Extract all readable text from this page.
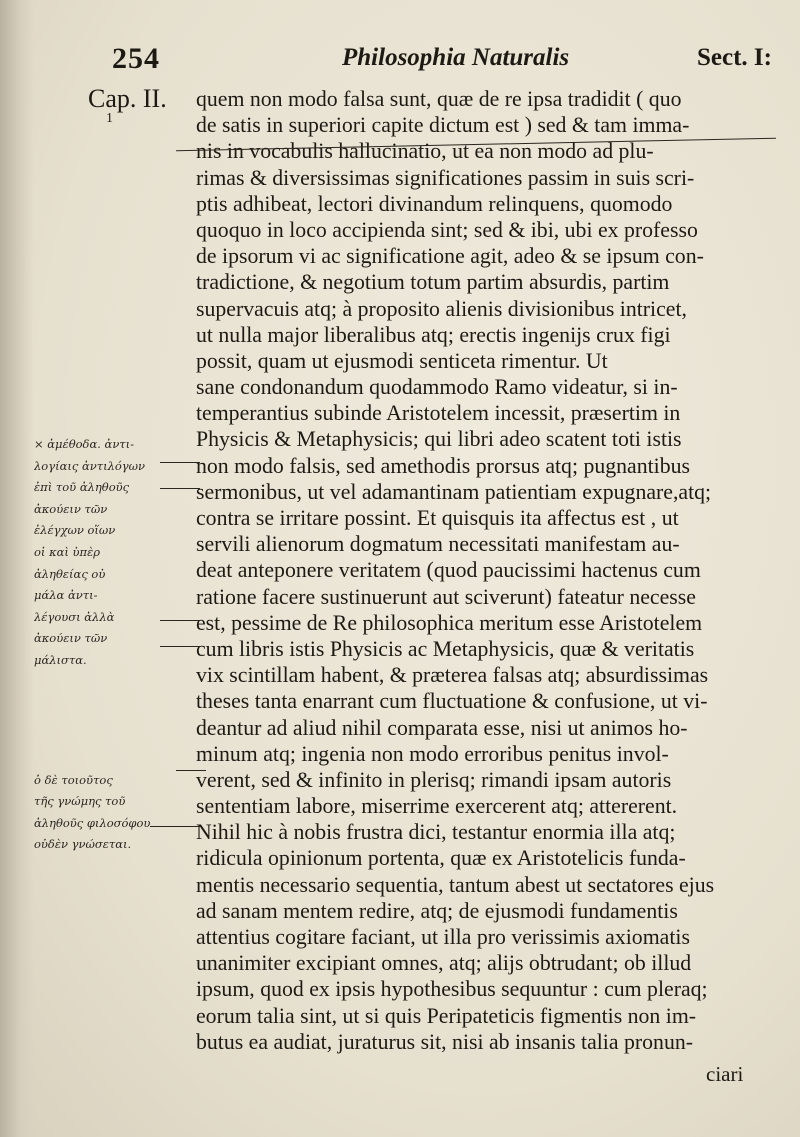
254	Philosophia Naturalis	Sect. I:
Cap. II.
1
quem non modo falsa sunt, quæ de re ipsa tradidit ( quo
de satis in superiori capite dictum est ) sed & tam imma-
nis in vocabulis hallucinatio, ut ea non modo ad plu-
rimas & diversissimas significationes passim in suis scri-
ptis adhibeat, lectori divinandum relinquens, quomodo
quoquo in loco accipienda sint; sed & ibi, ubi ex professo
de ipsorum vi ac significatione agit, adeo & se ipsum con-
tradictione, & negotium totum partim absurdis, partim
supervacuis atq; à proposito alienis divisionibus intricet,
ut nulla major liberalibus atq; erectis ingenijs crux figi
possit, quam ut ejusmodi senticeta rimentur. Ut
sane condonandum quodammodo Ramo videatur, si in-
temperantius subinde Aristotelem incessit, præsertim in
Physicis & Metaphysicis; qui libri adeo scatent toti istis
non modo falsis, sed amethodis prorsus atq; pugnantibus
sermonibus, ut vel adamantinam patientiam expugnare,atq;
contra se irritare possint. Et quisquis ita affectus est , ut
servili alienorum dogmatum necessitati manifestam au-
deat anteponere veritatem (quod paucissimi hactenus cum
ratione facere sustinuerunt aut sciverunt) fateatur necesse
est, pessime de Re philosophica meritum esse Aristotelem
cum libris istis Physicis ac Metaphysicis, quæ & veritatis
vix scintillam habent, & præterea falsas atq; absurdissimas
theses tanta enarrant cum fluctuatione & confusione, ut vi-
deantur ad aliud nihil comparata esse, nisi ut animos ho-
minum atq; ingenia non modo erroribus penitus invol-
verent, sed & infinito in plerisq; rimandi ipsam autoris
sententiam labore, miserrime exercerent atq; attererent.
Nihil hic à nobis frustra dici, testantur enormia illa atq;
ridicula opinionum portenta, quæ ex Aristotelicis funda-
mentis necessario sequentia, tantum abest ut sectatores ejus
ad sanam mentem redire, atq; de ejusmodi fundamentis
attentius cogitare faciant, ut illa pro verissimis axiomatis
unanimiter excipiant omnes, atq; alijs obtrudant; ob illud
ipsum, quod ex ipsis hypothesibus sequuntur : cum pleraq;
eorum talia sint, ut si quis Peripateticis figmentis non im-
butus ea audiat, juraturus sit, nisi ab insanis talia pronun-
ciari
× ἀμέθοδα. ἀντι-
λογίαις ἀντιλόγων
ἐπὶ τοῦ ἀληθοῦς
ἀκούειν τῶν
ἐλέγχων οἵων
οἱ καὶ ὑπὲρ
ἀληθείας οὐ
μάλα ἀντι-
λέγουσι ἀλλὰ
ἀκούειν τῶν
μάλιστα.
ὁ δὲ τοιοῦτος
τῆς γνώμης τοῦ
ἀληθοῦς φιλοσόφου
οὐδὲν γνώσεται.
